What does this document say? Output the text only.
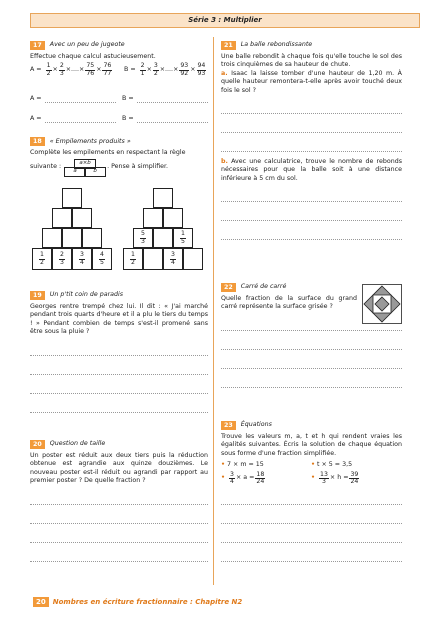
Série 3 : Multiplier
17	Avec un peu de jugeote

Effectue chaque calcul astucieusement.

A =
$\frac{1}{2} \times \frac{2}{3}$ ×....× $\frac{75}{76} \times \frac{76}{77}$ B =
$\frac{2}{1} \times \frac{3}{2}$ ×....× $\frac{93}{92} \times \frac{94}{93}$
A =
A =
B =
B =
18	« Empilements produits »

Complète les empilements en respectant la règle

suivante :	a×b
a	b
. Pense à simplifier.
$\frac{1}{2} \frac{2}{3} \frac{3}{4} \frac{4}{5}$
$\frac{5}{3}$	$\frac{1}{5}$
$\frac{1}{2}$	$\frac{3}{4}$
19	Un p'tit coin de paradis

Georges rentre trempé chez lui. Il dit : « J'ai marché pendant trois quarts d'heure et il a plu le tiers du temps ! » Pendant combien de temps s'est-il promené sans être sous la pluie ?

20	Question de taille

Un poster est réduit aux deux tiers puis la réduction obtenue est agrandie aux quinze douzièmes. Le nouveau poster est-il réduit ou agrandi par rapport au premier poster ? De quelle fraction ?

21	La balle rebondissante

Une balle rebondit à chaque fois qu'elle touche le sol des trois cinquièmes de sa hauteur de chute.

a. Isaac la laisse tomber d'une hauteur de 1,20 m. À quelle hauteur remontera-t-elle après avoir touché deux fois le sol ?

b. Avec une calculatrice, trouve le nombre de rebonds nécessaires pour que la balle soit à une distance inférieure à 5 cm du sol.

22	Carré de carré

Quelle fraction de la surface du grand carré représente la surface grisée ?

23	Équations

Trouve les valeurs m, a, t et h qui rendent vraies les égalités suivantes. Écris la solution de chaque équation sous forme d'une fraction simplifiée.

• 7 × m = 15
•
$\frac{3}{4} \times a = \frac{18}{24}$
• t × 5 = 3,5
•
$\frac{13}{3} \times h = \frac{39}{24}$
20 Nombres en écriture fractionnaire : Chapitre N2
